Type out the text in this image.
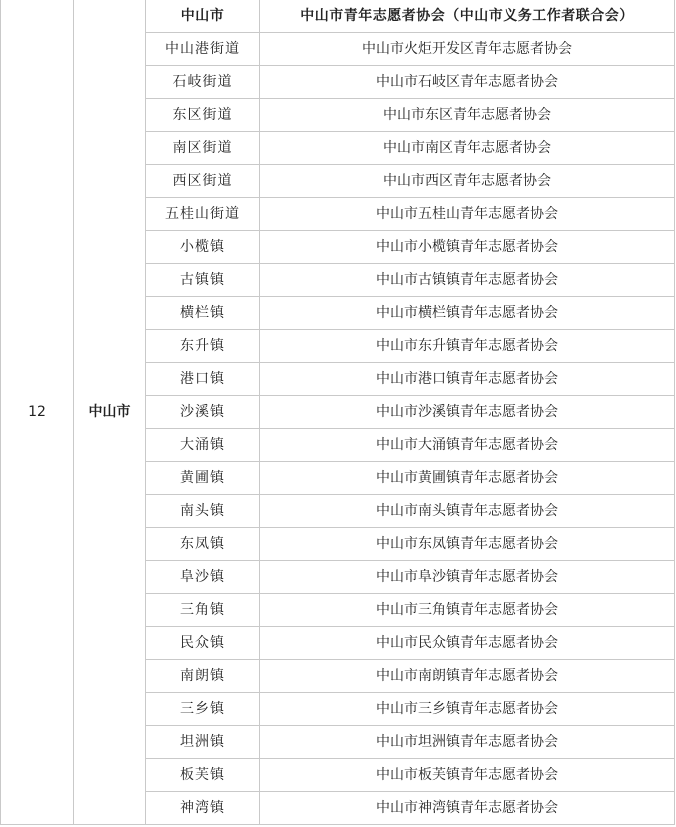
12	中山市	中山市	中山市青年志愿者协会（中山市义务工作者联合会）
		中山港街道	中山市火炬开发区青年志愿者协会
		石岐街道	中山市石岐区青年志愿者协会
		东区街道	中山市东区青年志愿者协会
		南区街道	中山市南区青年志愿者协会
		西区街道	中山市西区青年志愿者协会
		五桂山街道	中山市五桂山青年志愿者协会
		小榄镇	中山市小榄镇青年志愿者协会
		古镇镇	中山市古镇镇青年志愿者协会
		横栏镇	中山市横栏镇青年志愿者协会
		东升镇	中山市东升镇青年志愿者协会
		港口镇	中山市港口镇青年志愿者协会
		沙溪镇	中山市沙溪镇青年志愿者协会
		大涌镇	中山市大涌镇青年志愿者协会
		黄圃镇	中山市黄圃镇青年志愿者协会
		南头镇	中山市南头镇青年志愿者协会
		东凤镇	中山市东凤镇青年志愿者协会
		阜沙镇	中山市阜沙镇青年志愿者协会
		三角镇	中山市三角镇青年志愿者协会
		民众镇	中山市民众镇青年志愿者协会
		南朗镇	中山市南朗镇青年志愿者协会
		三乡镇	中山市三乡镇青年志愿者协会
		坦洲镇	中山市坦洲镇青年志愿者协会
		板芙镇	中山市板芙镇青年志愿者协会
		神湾镇	中山市神湾镇青年志愿者协会
